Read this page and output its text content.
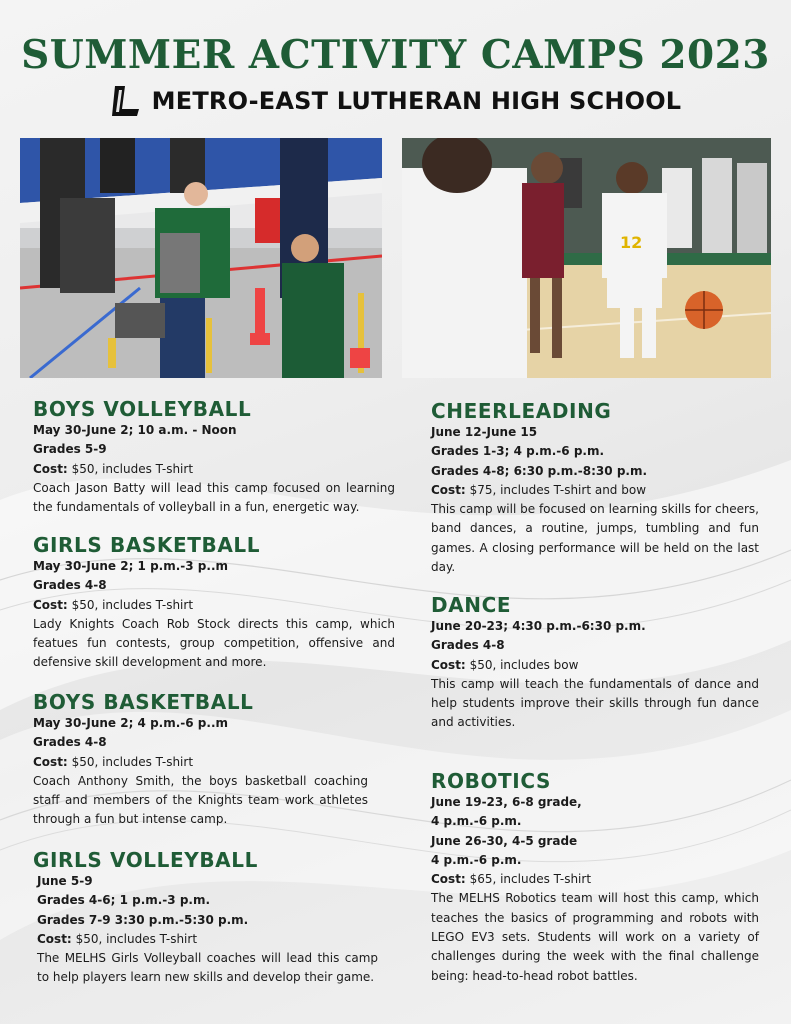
SUMMER ACTIVITY CAMPS 2023
METRO-EAST LUTHERAN HIGH SCHOOL
12
BOYS VOLLEYBALL
May 30-June 2; 10 a.m. - Noon
Grades 5-9
Cost: $50, includes T-shirt

Coach Jason Batty will lead this camp focused on learning the fundamentals of volleyball in a fun, energetic way.

GIRLS BASKETBALL
May 30-June 2; 1 p.m.-3 p..m
Grades 4-8
Cost: $50, includes T-shirt

Lady Knights Coach Rob Stock directs this camp, which featues fun contests, group competition, offensive and defensive skill development and more.

BOYS BASKETBALL
May 30-June 2; 4 p.m.-6 p..m
Grades 4-8
Cost: $50, includes T-shirt

Coach Anthony Smith, the boys basketball coaching staff and members of the Knights team work athletes through a fun but intense camp.

GIRLS VOLLEYBALL
June 5-9
Grades 4-6; 1 p.m.-3 p.m.
Grades 7-9 3:30 p.m.-5:30 p.m.
Cost: $50, includes T-shirt

The MELHS Girls Volleyball coaches will lead this camp to help players learn new skills and develop their game.

CHEERLEADING
June 12-June 15
Grades 1-3; 4 p.m.-6 p.m.
Grades 4-8; 6:30 p.m.-8:30 p.m.
Cost: $75, includes T-shirt and bow

This camp will be focused on learning skills for cheers, band dances, a routine, jumps, tumbling and fun games. A closing performance will be held on the last day.

DANCE
June 20-23; 4:30 p.m.-6:30 p.m.
Grades 4-8
Cost: $50, includes bow

This camp will teach the fundamentals of dance and help students improve their skills through fun dance and activities.

ROBOTICS
June 19-23, 6-8 grade,
4 p.m.-6 p.m.
June 26-30, 4-5 grade
4 p.m.-6 p.m.
Cost: $65, includes T-shirt

The MELHS Robotics team will host this camp, which teaches the basics of programming and robots with LEGO EV3 sets. Students will work on a variety of challenges during the week with the final challenge being: head-to-head robot battles.
